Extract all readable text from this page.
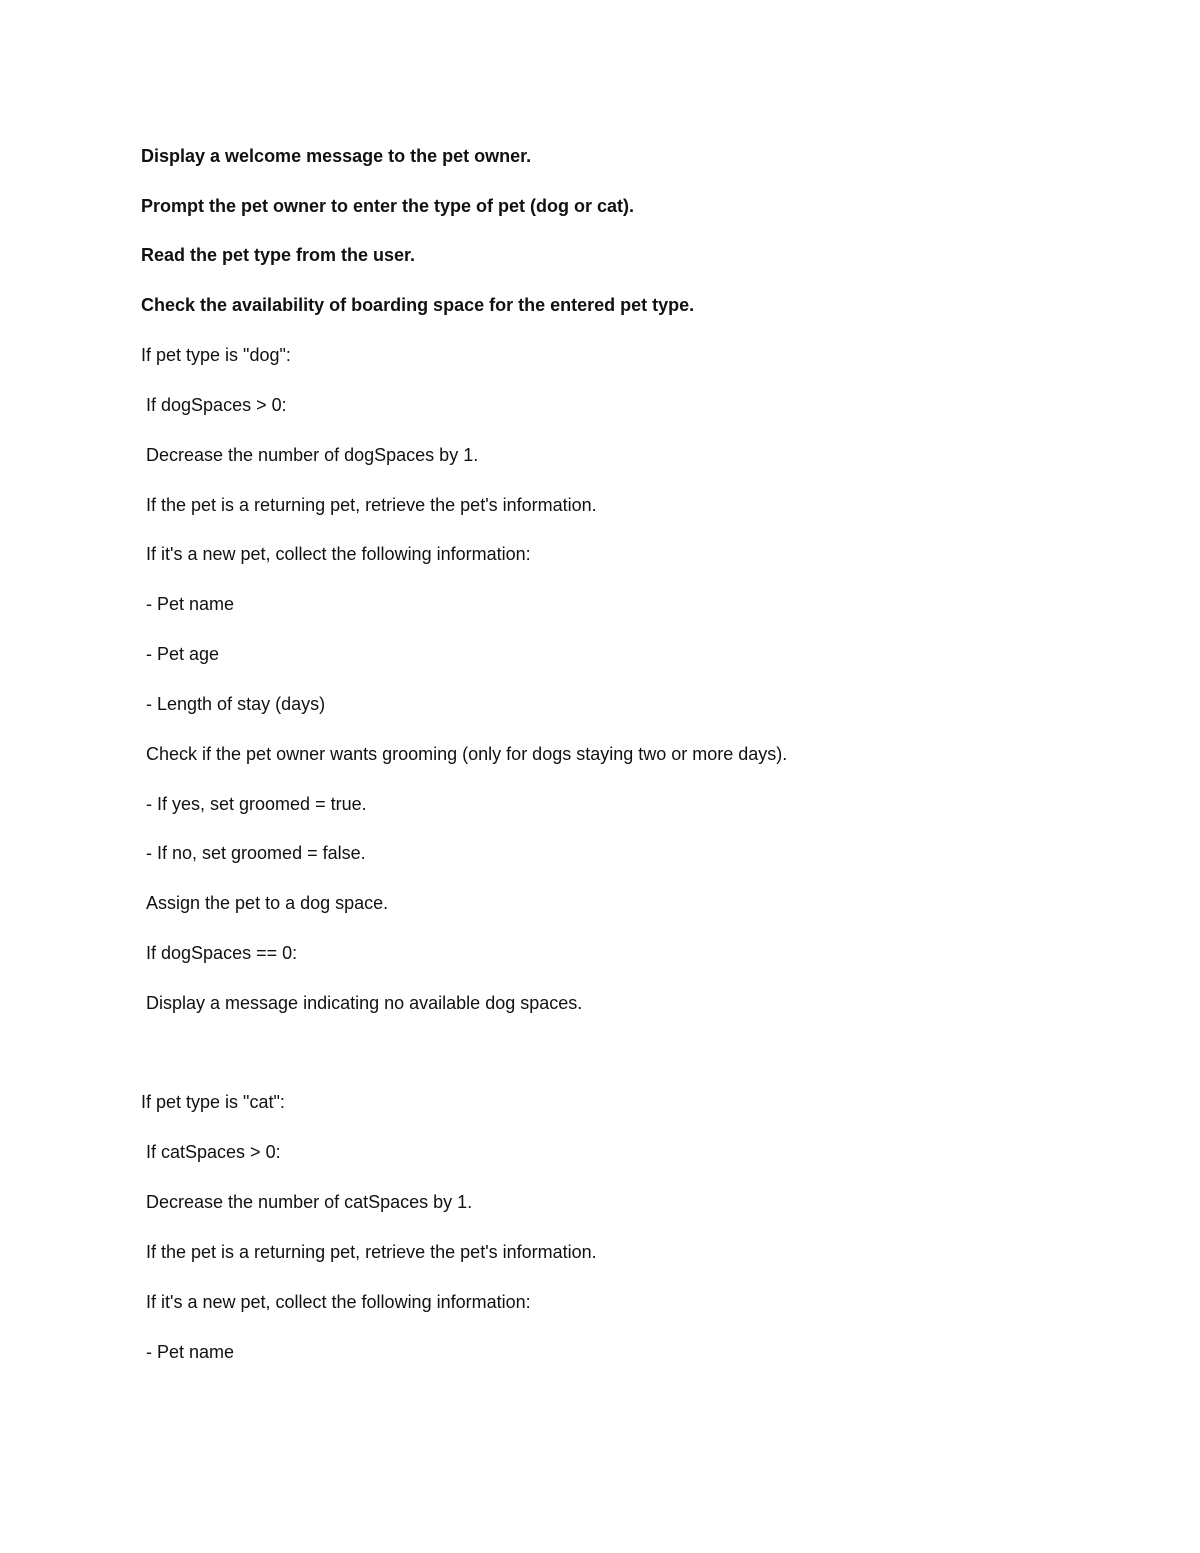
Display a welcome message to the pet owner.

Prompt the pet owner to enter the type of pet (dog or cat).

Read the pet type from the user.

Check the availability of boarding space for the entered pet type.

If pet type is "dog":

If dogSpaces > 0:

Decrease the number of dogSpaces by 1.

If the pet is a returning pet, retrieve the pet's information.

If it's a new pet, collect the following information:

- Pet name

- Pet age

- Length of stay (days)

Check if the pet owner wants grooming (only for dogs staying two or more days).

- If yes, set groomed = true.

- If no, set groomed = false.

Assign the pet to a dog space.

If dogSpaces == 0:

Display a message indicating no available dog spaces.

If pet type is "cat":

If catSpaces > 0:

Decrease the number of catSpaces by 1.

If the pet is a returning pet, retrieve the pet's information.

If it's a new pet, collect the following information:

- Pet name
